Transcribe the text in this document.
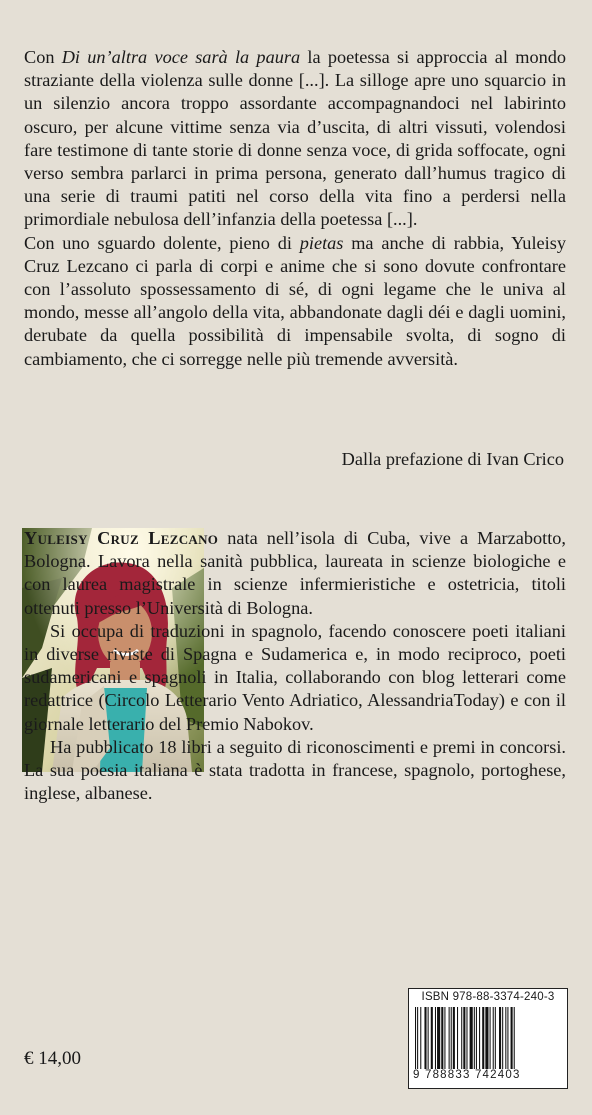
Con Di un’altra voce sarà la paura la poetessa si approccia al mondo straziante della violenza sulle donne [...]. La silloge apre uno squarcio in un silenzio ancora troppo assordante accompagnandoci nel labirinto oscuro, per alcune vittime senza via d’uscita, di altri vissuti, volendosi fare testimone di tante storie di donne senza voce, di grida soffocate, ogni verso sembra parlarci in prima persona, generato dall’humus tragico di una serie di traumi patiti nel corso della vita fino a perdersi nella primordiale nebulosa dell’infanzia della poetessa [...].

Con uno sguardo dolente, pieno di pietas ma anche di rabbia, Yuleisy Cruz Lezcano ci parla di corpi e anime che si sono dovute confrontare con l’assoluto spossessamento di sé, di ogni legame che le univa al mondo, messe all’angolo della vita, abbandonate dagli déi e dagli uomini, derubate da quella possibilità di impensabile svolta, di sogno di cambiamento, che ci sorregge nelle più tremende avversità.

Dalla prefazione di Ivan Crico

Yuleisy Cruz Lezcano nata nell’isola di Cuba, vive a Marzabotto, Bologna. Lavora nella sanità pubblica, laureata in scienze biologiche e con laurea magistrale in scienze infermieristiche e ostetricia, titoli ottenuti presso l’Università di Bologna.

Si occupa di traduzioni in spagnolo, facendo conoscere poeti italiani in diverse riviste di Spagna e Sudamerica e, in modo reciproco, poeti sudamericani e spagnoli in Italia, collaborando con blog letterari come redattrice (Circolo Letterario Vento Adriatico, AlessandriaToday) e con il giornale letterario del Premio Nabokov.

Ha pubblicato 18 libri a seguito di riconoscimenti e premi in concorsi. La sua poesia italiana è stata tradotta in francese, spagnolo, portoghese, inglese, albanese.

ISBN 978-88-3374-240-3
9 788833 742403
€ 14,00
